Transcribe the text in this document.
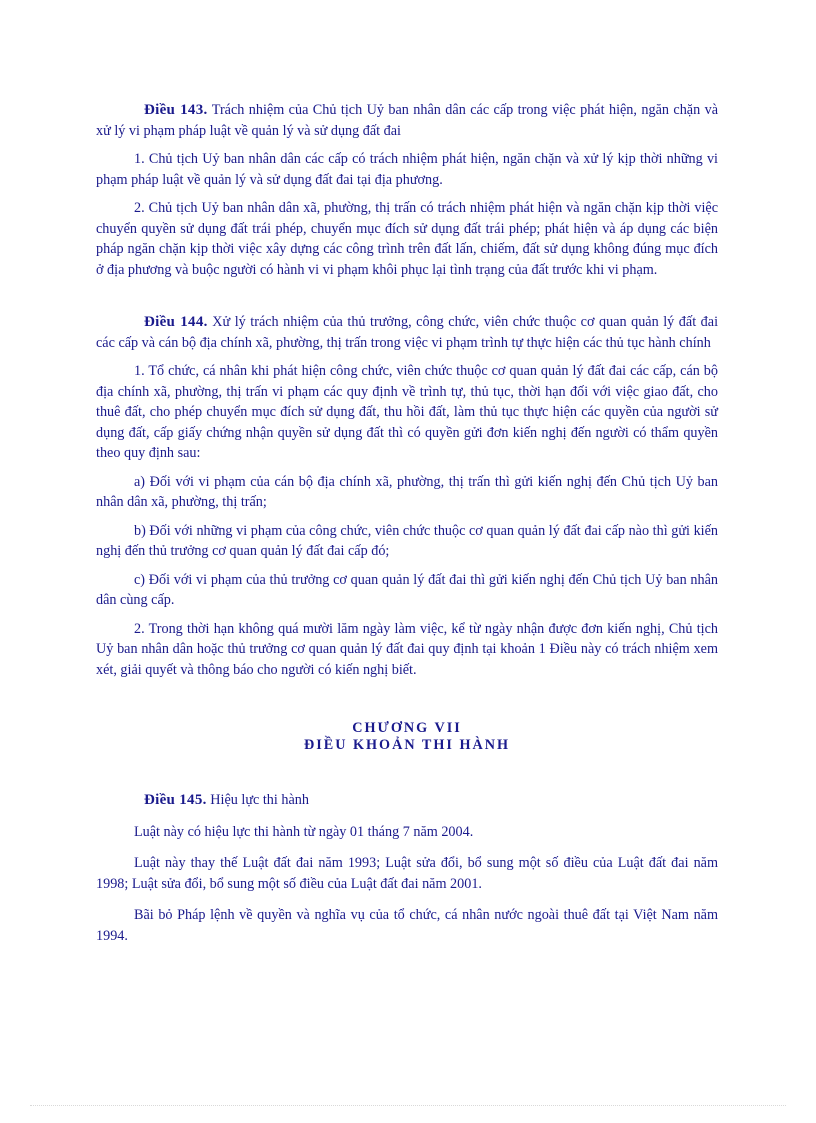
Điều 143. Trách nhiệm của Chủ tịch Uỷ ban nhân dân các cấp trong việc phát hiện, ngăn chặn và xử lý vi phạm pháp luật về quản lý và sử dụng đất đai

1. Chủ tịch Uỷ ban nhân dân các cấp có trách nhiệm phát hiện, ngăn chặn và xử lý kịp thời những vi phạm pháp luật về quản lý và sử dụng đất đai tại địa phương.

2. Chủ tịch Uỷ ban nhân dân xã, phường, thị trấn có trách nhiệm phát hiện và ngăn chặn kịp thời việc chuyển quyền sử dụng đất trái phép, chuyển mục đích sử dụng đất trái phép; phát hiện và áp dụng các biện pháp ngăn chặn kịp thời việc xây dựng các công trình trên đất lấn, chiếm, đất sử dụng không đúng mục đích ở địa phương và buộc người có hành vi vi phạm khôi phục lại tình trạng của đất trước khi vi phạm.

Điều 144. Xử lý trách nhiệm của thủ trưởng, công chức, viên chức thuộc cơ quan quản lý đất đai các cấp và cán bộ địa chính xã, phường, thị trấn trong việc vi phạm trình tự thực hiện các thủ tục hành chính

1. Tổ chức, cá nhân khi phát hiện công chức, viên chức thuộc cơ quan quản lý đất đai các cấp, cán bộ địa chính xã, phường, thị trấn vi phạm các quy định về trình tự, thủ tục, thời hạn đối với việc giao đất, cho thuê đất, cho phép chuyển mục đích sử dụng đất, thu hồi đất, làm thủ tục thực hiện các quyền của người sử dụng đất, cấp giấy chứng nhận quyền sử dụng đất thì có quyền gửi đơn kiến nghị đến người có thẩm quyền theo quy định sau:

a) Đối với vi phạm của cán bộ địa chính xã, phường, thị trấn thì gửi kiến nghị đến Chủ tịch Uỷ ban nhân dân xã, phường, thị trấn;

b) Đối với những vi phạm của công chức, viên chức thuộc cơ quan quản lý đất đai cấp nào thì gửi kiến nghị đến thủ trưởng cơ quan quản lý đất đai cấp đó;

c) Đối với vi phạm của thủ trưởng cơ quan quản lý đất đai thì gửi kiến nghị đến Chủ tịch Uỷ ban nhân dân cùng cấp.

2. Trong thời hạn không quá mười lăm ngày làm việc, kể từ ngày nhận được đơn kiến nghị, Chủ tịch Uỷ ban nhân dân hoặc thủ trưởng cơ quan quản lý đất đai quy định tại khoản 1 Điều này có trách nhiệm xem xét, giải quyết và thông báo cho người có kiến nghị biết.

CHƯƠNG VII
ĐIỀU KHOẢN THI HÀNH

Điều 145. Hiệu lực thi hành

Luật này có hiệu lực thi hành từ ngày 01 tháng 7 năm 2004.

Luật này thay thế Luật đất đai năm 1993; Luật sửa đổi, bổ sung một số điều của Luật đất đai năm 1998; Luật sửa đổi, bổ sung một số điều của Luật đất đai năm 2001.

Bãi bỏ Pháp lệnh về quyền và nghĩa vụ của tổ chức, cá nhân nước ngoài thuê đất tại Việt Nam năm 1994.
